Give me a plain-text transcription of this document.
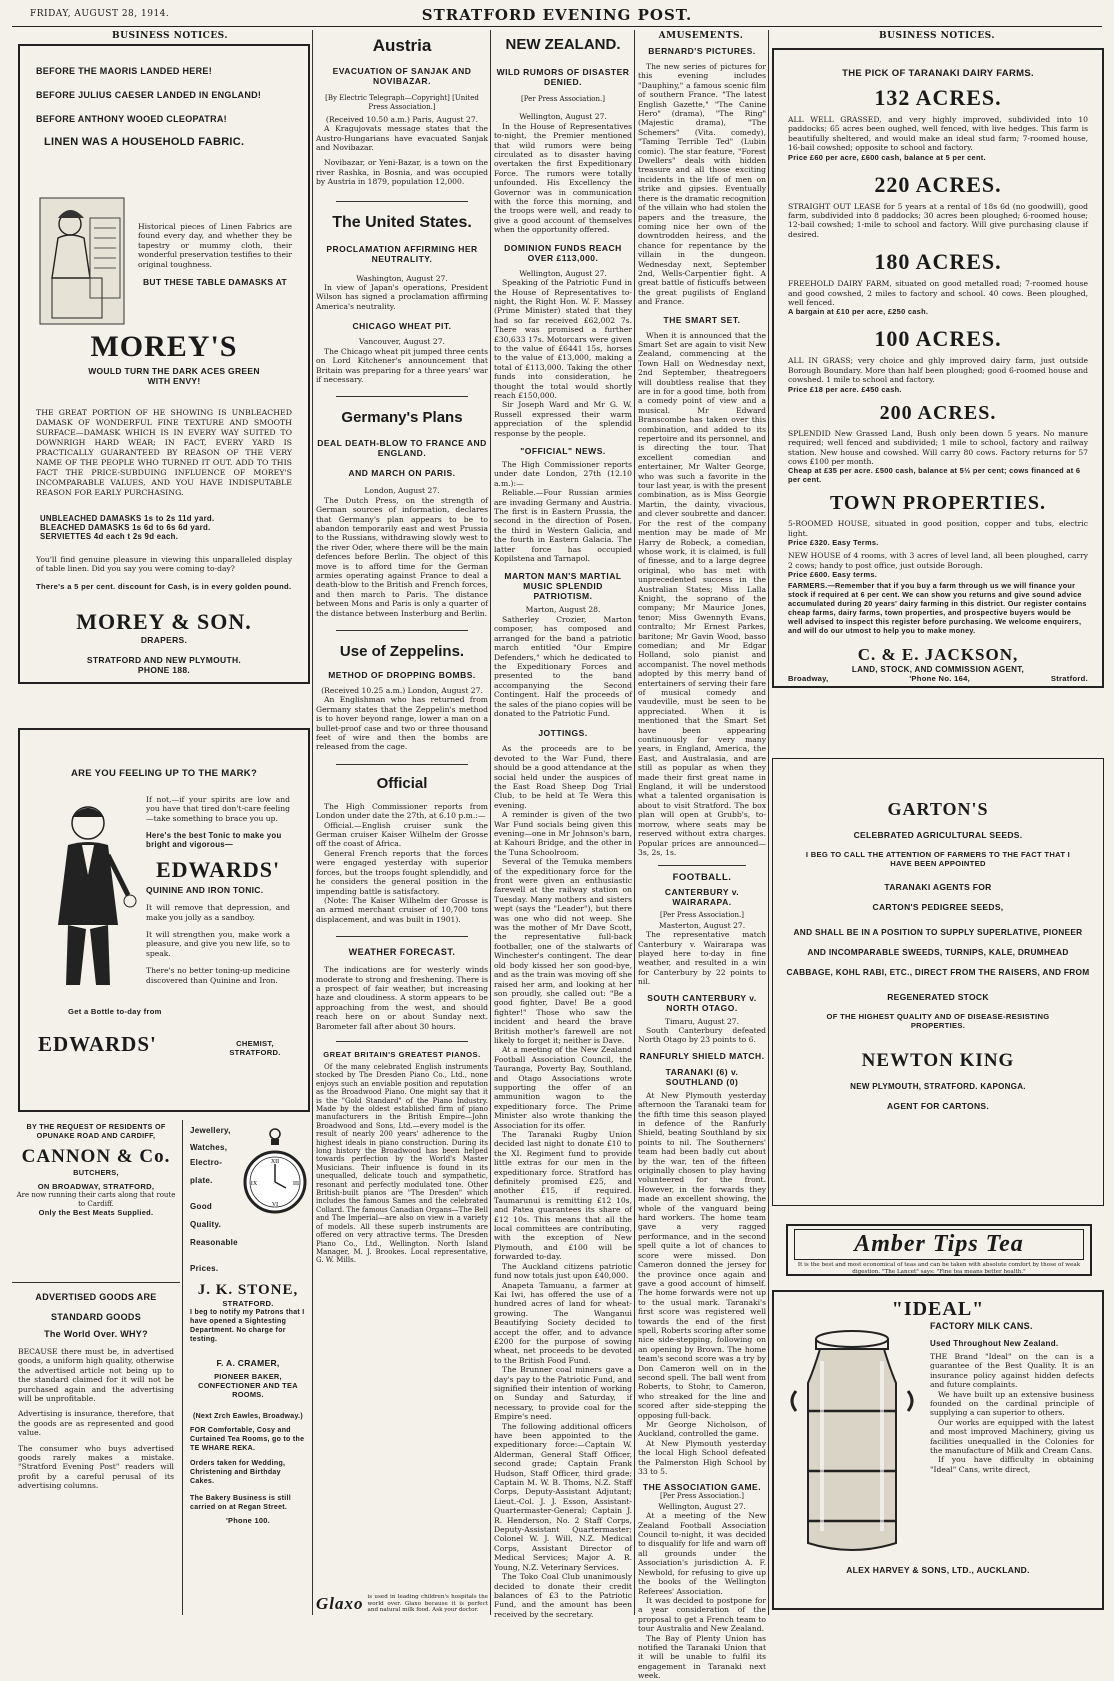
FRIDAY, AUGUST 28, 1914.	STRATFORD EVENING POST.
BUSINESS NOTICES.
BEFORE THE MAORIS LANDED HERE!
BEFORE JULIUS CAESER LANDED IN ENGLAND!
BEFORE ANTHONY WOOED CLEOPATRA!
LINEN WAS A HOUSEHOLD FABRIC.
Historical pieces of Linen Fabrics are found every day, and whether they be tapestry or mummy cloth, their wonderful preservation testifies to their original toughness.
BUT THESE TABLE DAMASKS AT
MOREY'S
WOULD TURN THE DARK ACES GREEN WITH ENVY!
THE GREAT PORTION OF HE SHOWING IS UNBLEACHED DAMASK OF WONDERFUL FINE TEXTURE AND SMOOTH SURFACE—DAMASK WHICH IS IN EVERY WAY SUITED TO DOWNRIGH HARD WEAR; IN FACT, EVERY YARD IS PRACTICALLY GUARANTEED BY REASON OF THE VERY NAME OF THE PEOPLE WHO TURNED IT OUT. ADD TO THIS FACT THE PRICE-SUBDUING INFLUENCE OF MOREY'S INCOMPARABLE VALUES, AND YOU HAVE INDISPUTABLE REASON FOR EARLY PURCHASING.
UNBLEACHED DAMASKS 1s to 2s 11d yard.
BLEACHED DAMASKS 1s 6d to 6s 6d yard.
SERVIETTES 4d each t 2s 9d each.
You'll find genuine pleasure in viewing this unparalleled display of table linen. Did you say you were coming to-day?
There's a 5 per cent. discount for Cash, is in every golden pound.
MOREY & SON.
DRAPERS.
STRATFORD AND NEW PLYMOUTH.
PHONE 188.
ARE YOU FEELING UP TO THE MARK?
If not,—if your spirits are low and you have that tired don't-care feeling—take something to brace you up.
Here's the best Tonic to make you bright and vigorous—
EDWARDS'
QUININE AND IRON TONIC.
It will remove that depression, and make you jolly as a sandboy.
It will strengthen you, make work a pleasure, and give you new life, so to speak.
There's no better toning-up medicine discovered than Quinine and Iron.
Get a Bottle to-day from
EDWARDS'	CHEMIST, STRATFORD.
BY THE REQUEST OF RESIDENTS OF OPUNAKE ROAD AND CARDIFF,
CANNON & Co.
BUTCHERS,
ON BROADWAY, STRATFORD,
Are now running their carts along that route to Cardiff.
Only the Best Meats Supplied.
ADVERTISED GOODS ARE STANDARD GOODS
The World Over. WHY?
BECAUSE there must be, in advertised goods, a uniform high quality, otherwise the advertised article not being up to the standard claimed for it will not be purchased again and the advertising will be unprofitable.
Advertising is insurance, therefore, that the goods are as represented and good value.
The consumer who buys advertised goods rarely makes a mistake. "Stratford Evening Post" readers will profit by a careful perusal of its advertising columns.
Jewellery,
Watches,
Electro-plate.
Good
Quality.
Reasonable
Prices.
XII
III
VI
IX
J. K. STONE,
STRATFORD.
I beg to notify my Patrons that I have opened a Sightesting Department. No charge for testing.
F. A. CRAMER,
PIONEER BAKER, CONFECTIONER AND TEA ROOMS.
(Next Zrch Eawles, Broadway.)
FOR Comfortable, Cosy and Curtained Tea Rooms, go to the TE WHARE REKA.
Orders taken for Wedding, Christening and Birthday Cakes.
The Bakery Business is still carried on at Regan Street.
'Phone 100.
Austria
EVACUATION OF SANJAK AND NOVIBAZAR.
[By Electric Telegraph—Copyright] [United Press Association.]
(Received 10.50 a.m.) Paris, August 27.
A Kragujovats message states that the Austro-Hungarians have evacuated Sanjak and Novibazar.
Novibazar, or Yeni-Bazar, is a town on the river Rashka, in Bosnia, and was occupied by Austria in 1879, population 12,000.
The United States.
PROCLAMATION AFFIRMING HER NEUTRALITY.
Washington, August 27.
In view of Japan's operations, President Wilson has signed a proclamation affirming America's neutrality.
CHICAGO WHEAT PIT.
Vancouver, August 27.
The Chicago wheat pit jumped three cents on Lord Kitchener's announcement that Britain was preparing for a three years' war if necessary.
Germany's Plans
DEAL DEATH-BLOW TO FRANCE AND ENGLAND.
AND MARCH ON PARIS.
London, August 27.
The Dutch Press, on the strength of German sources of information, declares that Germany's plan appears to be to abandon temporarily east and west Prussia to the Russians, withdrawing slowly west to the river Oder, where there will be the main defences before Berlin. The object of this move is to afford time for the German armies operating against France to deal a death-blow to the British and French forces, and then march to Paris. The distance between Mons and Paris is only a quarter of the distance between Insterburg and Berlin.
Use of Zeppelins.
METHOD OF DROPPING BOMBS.
(Received 10.25 a.m.) London, August 27.
An Englishman who has returned from Germany states that the Zeppelin's method is to hover beyond range, lower a man on a bullet-proof case and two or three thousand feet of wire and then the bombs are released from the cage.
Official
The High Commissioner reports from London under date the 27th, at 6.10 p.m.:—
Official.—English cruiser sunk the German cruiser Kaiser Wilhelm der Grosse off the coast of Africa.
General French reports that the forces were engaged yesterday with superior forces, but the troops fought splendidly, and he considers the general position in the impending battle is satisfactory.
(Note: The Kaiser Wilhelm der Grosse is an armed merchant cruiser of 10,700 tons displacement, and was built in 1901).
WEATHER FORECAST.
The indications are for westerly winds moderate to strong and freshening. There is a prospect of fair weather, but increasing haze and cloudiness. A storm appears to be approaching from the west, and should reach here on or about Sunday next. Barometer fall after about 30 hours.
GREAT BRITAIN'S GREATEST PIANOS.
Of the many celebrated English instruments stocked by The Dresden Piano Co., Ltd., none enjoys such an enviable position and reputation as the Broadwood Piano. One might say that it is the "Gold Standard" of the Piano Industry. Made by the oldest established firm of piano manufacturers in the British Empire—John Broadwood and Sons, Ltd.—every model is the result of nearly 200 years' adherence to the highest ideals in piano construction. During its long history the Broadwood has been helped towards perfection by the World's Master Musicians. Their influence is found in its unequalled, delicate touch and sympathetic, resonant and perfectly modulated tone. Other British-built pianos are "The Dresden" which includes the famous Sames and the celebrated Collard. The famous Canadian Organs—The Bell and The Imperial—are also on view in a variety of models. All these superb instruments are offered on very attractive terms. The Dresden Piano Co., Ltd., Wellington. North Island Manager, M. J. Brookes. Local representative, G. W. Mills.
Glaxo is used in leading children's hospitals the world over. Glaxo because it is perfect and natural milk food. Ask your doctor.
NEW ZEALAND.
WILD RUMORS OF DISASTER DENIED.
[Per Press Association.]
Wellington, August 27.
In the House of Representatives to-night, the Premier mentioned that wild rumors were being circulated as to disaster having overtaken the first Expeditionary Force. The rumors were totally unfounded. His Excellency the Governor was in communication with the force this morning, and the troops were well, and ready to give a good account of themselves when the opportunity offered.
DOMINION FUNDS REACH OVER £113,000.
Wellington, August 27.
Speaking of the Patriotic Fund in the House of Representatives to-night, the Right Hon. W. F. Massey (Prime Minister) stated that they had so far received £62,002 7s. There was promised a further £30,633 17s. Motorcars were given to the value of £6441 15s, horses to the value of £13,000, making a total of £113,000. Taking the other funds into consideration, he thought the total would shortly reach £150,000.
Sir Joseph Ward and Mr G. W. Russell expressed their warm appreciation of the splendid response by the people.
"OFFICIAL" NEWS.
The High Commissioner reports under date London, 27th (12.10 a.m.):—
Reliable.—Four Russian armies are invading Germany and Austria. The first is in Eastern Prussia, the second in the direction of Posen, the third in Western Galicia, and the fourth in Eastern Galacia. The latter force has occupied Kopilstena and Tarnapol.
MARTON MAN'S MARTIAL MUSIC SPLENDID PATRIOTISM.
Marton, August 28.
Satherley Crozier, Marton composer, has composed and arranged for the band a patriotic march entitled "Our Empire Defenders," which he dedicated to the Expeditionary Forces and presented to the band accompanying the Second Contingent. Half the proceeds of the sales of the piano copies will be donated to the Patriotic Fund.
JOTTINGS.
As the proceeds are to be devoted to the War Fund, there should be a good attendance at the social held under the auspices of the East Road Sheep Dog Trial Club, to be held at Te Wera this evening.
A reminder is given of the two War Fund socials being given this evening—one in Mr Johnson's barn, at Kahouri Bridge, and the other in the Tuna Schoolroom.
Several of the Temuka members of the expeditionary force for the front were given an enthusiastic farewell at the railway station on Tuesday. Many mothers and sisters wept (says the "Leader"), but there was one who did not weep. She was the mother of Mr Dave Scott, the representative full-back footballer, one of the stalwarts of Winchester's contingent. The dear old body kissed her son good-bye, and as the train was moving off she raised her arm, and looking at her son proudly, she called out: "Be a good fighter, Dave! Be a good fighter!" Those who saw the incident and heard the brave British mother's farewell are not likely to forget it; neither is Dave.
At a meeting of the New Zealand Football Association Council, the Tauranga, Poverty Bay, Southland, and Otago Associations wrote supporting the offer of an ammunition wagon to the expeditionary force. The Prime Minister also wrote thanking the Association for its offer.
The Taranaki Rugby Union decided last night to donate £10 to the XI. Regiment fund to provide little extras for our men in the expeditionary force. Stratford has definitely promised £25, and another £15, if required. Taumarunui is remitting £12 10s, and Patea guarantees its share of £12 10s. This means that all the local committees are contributing, with the exception of New Plymouth, and £100 will be forwarded to-day.
The Auckland citizens patriotic fund now totals just upon £40,000.
Anapeta Tamuanu, a farmer at Kai Iwi, has offered the use of a hundred acres of land for wheat-growing. The Wanganui Beautifying Society decided to accept the offer, and to advance £200 for the purpose of sowing wheat, net proceeds to be devoted to the British Food Fund.
The Brunner coal miners gave a day's pay to the Patriotic Fund, and signified their intention of working on Sunday and Saturday, if necessary, to provide coal for the Empire's need.
The following additional officers have been appointed to the expeditionary force:—Captain W. Alderman, General Staff Officer, second grade; Captain Frank Hudson, Staff Officer, third grade; Captain M. W. B. Thoms, N.Z. Staff Corps, Deputy-Assistant Adjutant; Lieut.-Col. J. J. Esson, Assistant-Quartermaster-General; Captain J. R. Henderson, No. 2 Staff Corps, Deputy-Assistant Quartermaster; Colonel W. J. Will, N.Z. Medical Corps, Assistant Director of Medical Services; Major A. R. Young, N.Z. Veterinary Services.
The Toko Coal Club unanimously decided to donate their credit balances of £3 to the Patriotic Fund, and the amount has been received by the secretary.
AMUSEMENTS.
BERNARD'S PICTURES.
The new series of pictures for this evening includes "Dauphiny," a famous scenic film of southern France. "The latest English Gazette," "The Canine Hero" (drama), "The Ring" (Majestic drama), "The Schemers" (Vita. comedy), "Taming Terrible Ted" (Lubin comic). The star feature, "Forest Dwellers" deals with hidden treasure and all those exciting incidents in the life of men on strike and gipsies. Eventually there is the dramatic recognition of the villain who had stolen the papers and the treasure, the coming nice her own of the downtrodden heiress, and the chance for repentance by the villain in the dungeon. Wednesday next, September 2nd, Wells-Carpentier fight. A great battle of fisticuffs between the great pugilists of England and France.
THE SMART SET.
When it is announced that the Smart Set are again to visit New Zealand, commencing at the Town Hall on Wednesday next, 2nd September, theatregoers will doubtless realise that they are in for a good time, both from a comedy point of view and a musical. Mr Edward Branscombe has taken over this combination, and added to its repertoire and its personnel, and is directing the tour. That excellent comedian and entertainer, Mr Walter George, who was such a favorite in the tour last year, is with the present combination, as is Miss Georgie Martin, the dainty, vivacious, and clever soubrette and dancer. For the rest of the company mention may be made of Mr Harry de Robeck, a comedian, whose work, it is claimed, is full of finesse, and to a large degree original, who has met with unprecedented success in the Australian States; Miss Lalla Knight, the soprano of the company; Mr Maurice Jones, tenor; Miss Gwennyth Evans, contralto; Mr Ernest Parkes, baritone; Mr Gavin Wood, basso comedian; and Mr Edgar Holland, solo pianist and accompanist. The novel methods adopted by this merry band of entertainers of serving their fare of musical comedy and vaudeville, must be seen to be appreciated. When it is mentioned that the Smart Set have been appearing continuously for very many years, in England, America, the East, and Australasia, and are still as popular as when they made their first great name in England, it will be understood what a talented organisation is about to visit Stratford. The box plan will open at Grubb's, to-morrow, where seats may be reserved without extra charges. Popular prices are announced—3s, 2s, 1s.
FOOTBALL.
CANTERBURY v. WAIRARAPA.
[Per Press Association.]
Masterton, August 27.
The representative match Canterbury v. Wairarapa was played here to-day in fine weather, and resulted in a win for Canterbury by 22 points to nil.
SOUTH CANTERBURY v. NORTH OTAGO.
Timaru, August 27.
South Canterbury defeated North Otago by 23 points to 6.
RANFURLY SHIELD MATCH.
TARANAKI (6) v. SOUTHLAND (0)
At New Plymouth yesterday afternoon the Taranaki team for the fifth time this season played in defence of the Ranfurly Shield, beating Southland by six points to nil. The Southerners' team had been badly cut about by the war, ten of the fifteen originally chosen to play having volunteered for the front. However, in the forwards they made an excellent showing, the whole of the vanguard being hard workers. The home team gave a very ragged performance, and in the second spell quite a lot of chances to score were missed. Don Cameron donned the jersey for the province once again and gave a good account of himself. The home forwards were not up to the usual mark. Taranaki's first score was registered well towards the end of the first spell, Roberts scoring after some nice side-stepping, following on an opening by Brown. The home team's second score was a try by Don Cameron well on in the second spell. The ball went from Roberts, to Stohr, to Cameron, who streaked for the line and scored after side-stepping the opposing full-back.
Mr George Nicholson, of Auckland, controlled the game.
At New Plymouth yesterday the local High School defeated the Palmerston High School by 33 to 5.
THE ASSOCIATION GAME.
[Per Press Association.]
Wellington, August 27.
At a meeting of the New Zealand Football Association Council to-night, it was decided to disqualify for life and warn off all grounds under the Association's jurisdiction A. F. Newbold, for refusing to give up the books of the Wellington Referees' Association.
It was decided to postpone for a year consideration of the proposal to get a French team to tour Australia and New Zealand.
The Bay of Plenty Union has notified the Taranaki Union that it will be unable to fulfil its engagement in Taranaki next week.
BUSINESS NOTICES.
THE PICK OF TARANAKI DAIRY FARMS.
132 ACRES.
ALL WELL GRASSED, and very highly improved, subdivided into 10 paddocks; 65 acres been oughed, well fenced, with live hedges. This farm is beautifully sheltered, and would make an ideal stud farm; 7-roomed house, 16-bail cowshed; opposite to school and factory.
Price £60 per acre, £600 cash, balance at 5 per cent.
220 ACRES.
STRAIGHT OUT LEASE for 5 years at a rental of 18s 6d (no goodwill), good farm, subdivided into 8 paddocks; 30 acres been ploughed; 6-roomed house; 12-bail cowshed; 1-mile to school and factory. Will give purchasing clause if desired.
180 ACRES.
FREEHOLD DAIRY FARM, situated on good metalled road; 7-roomed house and good cowshed, 2 miles to factory and school. 40 cows. Been ploughed, well fenced.
A bargain at £10 per acre, £250 cash.
100 ACRES.
ALL IN GRASS; very choice and ghly improved dairy farm, just outside Borough Boundary. More than half been ploughed; good 6-roomed house and cowshed. 1 mile to school and factory.
Price £18 per acre. £450 cash.
200 ACRES.
SPLENDID New Grassed Land, Bush only been down 5 years. No manure required; well fenced and subdivided; 1 mile to school, factory and railway station. New house and cowshed. Will carry 80 cows. Factory returns for 57 cows £100 per month.
Cheap at £35 per acre. £500 cash, balance at 5½ per cent; cows financed at 6 per cent.
TOWN PROPERTIES.
5-ROOMED HOUSE, situated in good position, copper and tubs, electric light.
Price £320. Easy Terms.
NEW HOUSE of 4 rooms, with 3 acres of level land, all been ploughed, carry 2 cows; handy to post office, just outside Borough.
Price £600. Easy terms.
FARMERS.—Remember that if you buy a farm through us we will finance your stock if required at 6 per cent. We can show you returns and give sound advice accumulated during 20 years' dairy farming in this district. Our register contains cheap farms, dairy farms, town properties, and prospective buyers would be well advised to inspect this register before purchasing. We welcome enquirers, and will do our utmost to help you to make money.
C. & E. JACKSON,
LAND, STOCK, AND COMMISSION AGENT,
Broadway,	'Phone No. 164,	Stratford.
GARTON'S
CELEBRATED AGRICULTURAL SEEDS.
I BEG TO CALL THE ATTENTION OF FARMERS TO THE FACT THAT I HAVE BEEN APPOINTED
TARANAKI AGENTS FOR
CARTON'S PEDIGREE SEEDS,
AND SHALL BE IN A POSITION TO SUPPLY SUPERLATIVE, PIONEER AND INCOMPARABLE SWEEDS, TURNIPS, KALE, DRUMHEAD CABBAGE, KOHL RABI, ETC., DIRECT FROM THE RAISERS, AND FROM
REGENERATED STOCK
OF THE HIGHEST QUALITY AND OF DISEASE-RESISTING PROPERTIES.
NEWTON KING
NEW PLYMOUTH, STRATFORD. KAPONGA.
AGENT FOR CARTONS.
Amber Tips Tea
It is the best and most economical of teas and can be taken with absolute comfort by those of weak digestion. "The Lancet" says: "Fine tea means better health."
"IDEAL"
FACTORY MILK CANS.
Used Throughout New Zealand.
THE Brand "Ideal" on the can is a guarantee of the Best Quality. It is an insurance policy against hidden defects and future complaints.
We have built up an extensive business founded on the cardinal principle of supplying a can superior to others.
Our works are equipped with the latest and most improved Machinery, giving us facilities unequalled in the Colonies for the manufacture of Milk and Cream Cans.
If you have difficulty in obtaining "Ideal" Cans, write direct,
ALEX HARVEY & SONS, LTD., AUCKLAND.
